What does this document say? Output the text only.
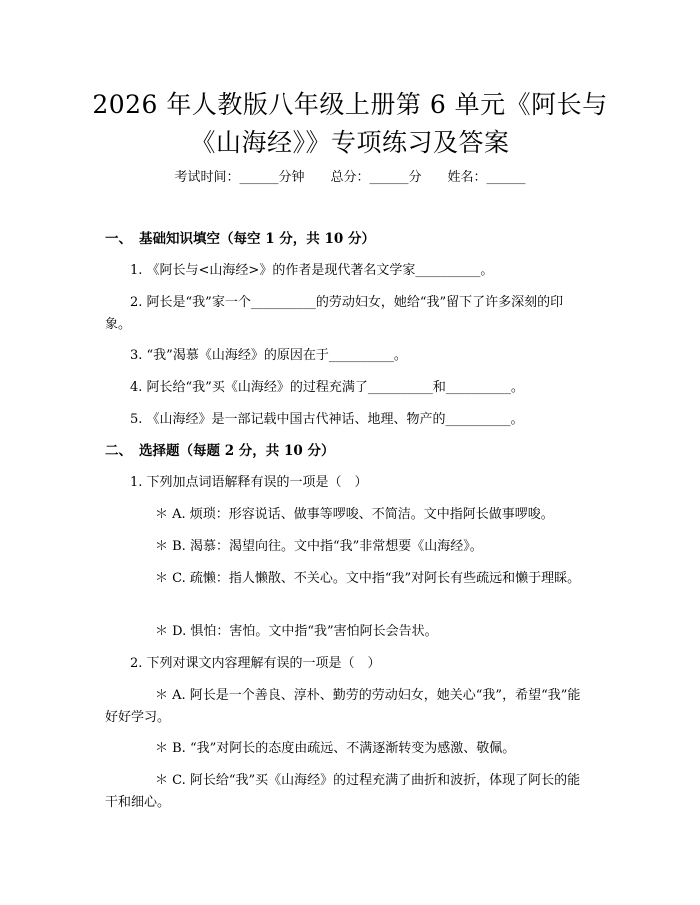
2026 年人教版八年级上册第 6 单元《阿长与
《山海经》》专项练习及答案
考试时间：______分钟 总分：______分 姓名：______
一、 基础知识填空（每空 1 分，共 10 分）
1. 《阿长与<山海经>》的作者是现代著名文学家__________。
2. 阿长是“我”家一个__________的劳动妇女，她给“我”留下了许多深刻的印象。
3. “我”渴慕《山海经》的原因在于__________。
4. 阿长给“我”买《山海经》的过程充满了__________和__________。
5. 《山海经》是一部记载中国古代神话、地理、物产的__________。
二、 选择题（每题 2 分，共 10 分）
1. 下列加点词语解释有误的一项是（　）
＊ A. 烦琐：形容说话、做事等啰唆、不简洁。文中指阿长做事啰唆。
＊ B. 渴慕：渴望向往。文中指“我”非常想要《山海经》。
＊ C. 疏懒：指人懒散、不关心。文中指“我”对阿长有些疏远和懒于理睬。
＊ D. 惧怕：害怕。文中指“我”害怕阿长会告状。
2. 下列对课文内容理解有误的一项是（　）
＊ A. 阿长是一个善良、淳朴、勤劳的劳动妇女，她关心“我”，希望“我”能好好学习。
＊ B. “我”对阿长的态度由疏远、不满逐渐转变为感激、敬佩。
＊ C. 阿长给“我”买《山海经》的过程充满了曲折和波折，体现了阿长的能干和细心。
